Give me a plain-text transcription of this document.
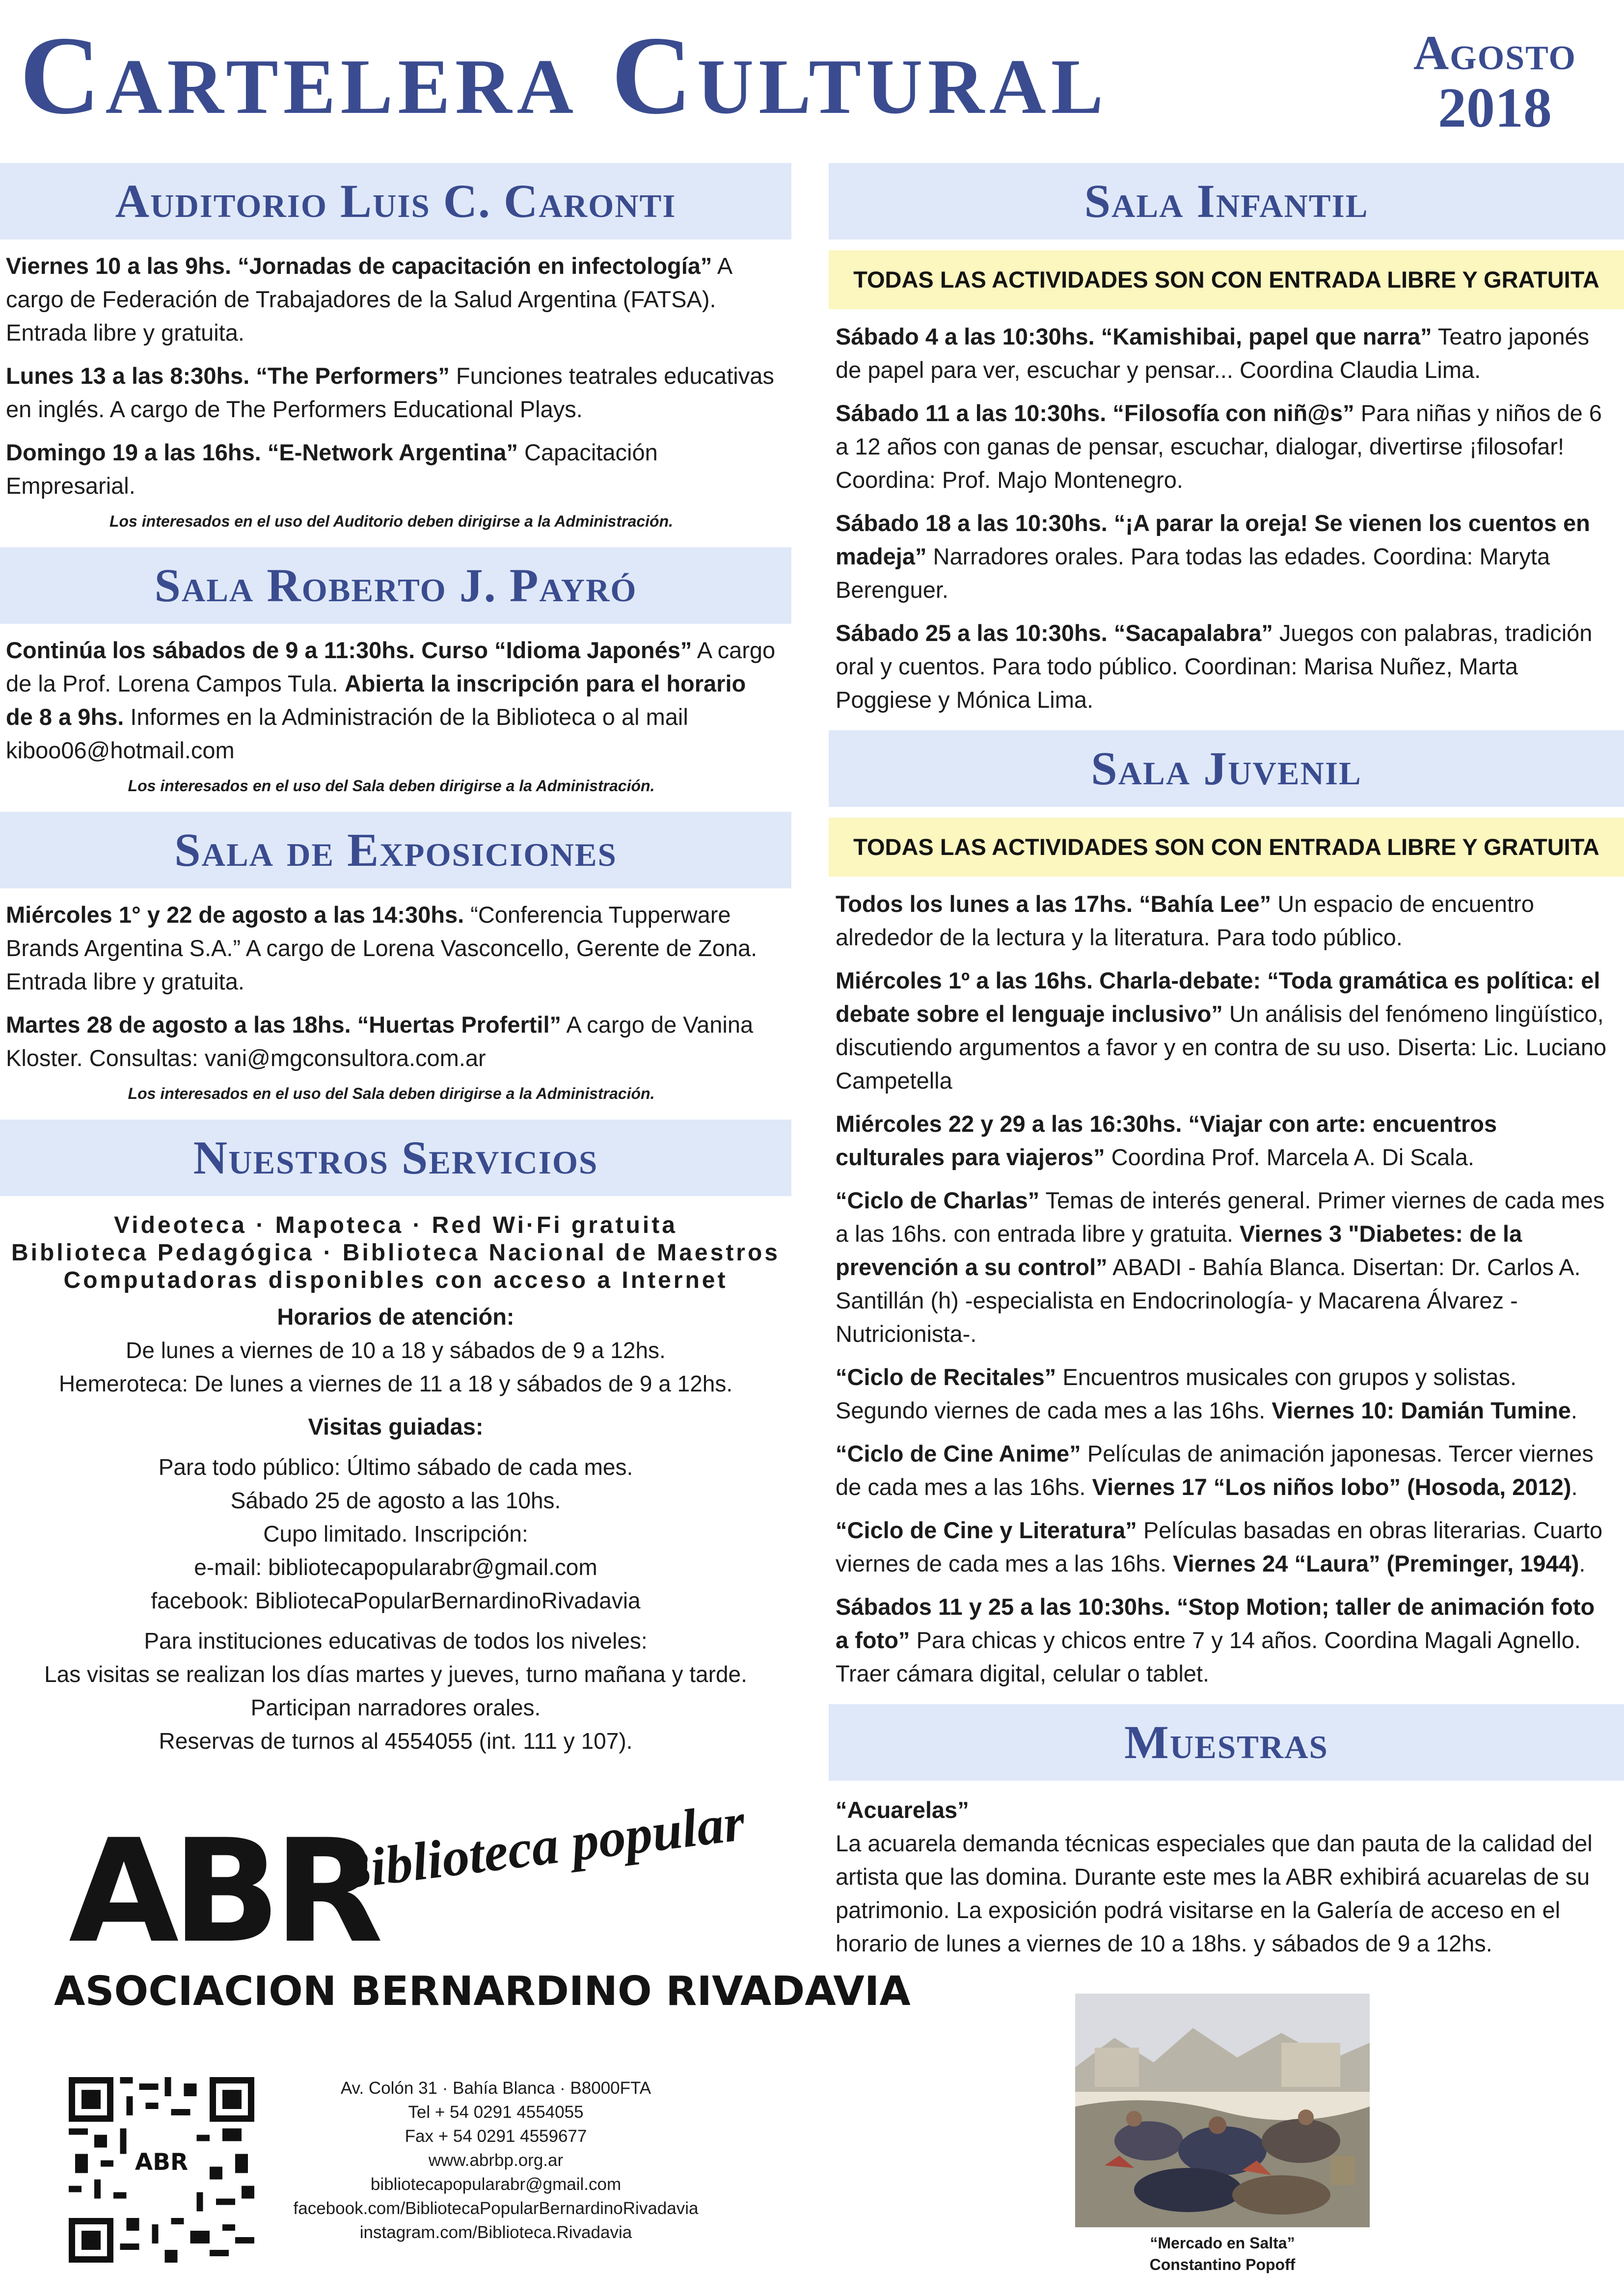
Cartelera Cultural	Agosto
2018
Auditorio Luis C. Caronti

Viernes 10 a las 9hs. “Jornadas de capacitación en infectología” A cargo de Federación de Trabajadores de la Salud Argentina (FATSA). Entrada libre y gratuita.

Lunes 13 a las 8:30hs. “The Performers” Funciones teatrales educativas en inglés. A cargo de The Performers Educational Plays.

Domingo 19 a las 16hs. “E-Network Argentina” Capacitación Empresarial.

Los interesados en el uso del Auditorio deben dirigirse a la Administración.
Sala Roberto J. Payró

Continúa los sábados de 9 a 11:30hs. Curso “Idioma Japonés” A cargo de la Prof. Lorena Campos Tula. Abierta la inscripción para el horario de 8 a 9hs. Informes en la Administración de la Biblioteca o al mail kiboo06@hotmail.com

Los interesados en el uso del Sala deben dirigirse a la Administración.
Sala de Exposiciones

Miércoles 1° y 22 de agosto a las 14:30hs. “Conferencia Tupperware Brands Argentina S.A.” A cargo de Lorena Vasconcello, Gerente de Zona. Entrada libre y gratuita.

Martes 28 de agosto a las 18hs. “Huertas Profertil” A cargo de Vanina Kloster. Consultas: vani@mgconsultora.com.ar

Los interesados en el uso del Sala deben dirigirse a la Administración.
Nuestros Servicios
Videoteca · Mapoteca · Red Wi·Fi gratuita
Biblioteca Pedagógica · Biblioteca Nacional de Maestros
Computadoras disponibles con acceso a Internet
Horarios de atención:
De lunes a viernes de 10 a 18 y sábados de 9 a 12hs.
Hemeroteca: De lunes a viernes de 11 a 18 y sábados de 9 a 12hs.
Visitas guiadas:
Para todo público: Último sábado de cada mes.
Sábado 25 de agosto a las 10hs.
Cupo limitado. Inscripción:
e-mail: bibliotecapopularabr@gmail.com
facebook: BibliotecaPopularBernardinoRivadavia
Para instituciones educativas de todos los niveles:
Las visitas se realizan los días martes y jueves, turno mañana y tarde.
Participan narradores orales.
Reservas de turnos al 4554055 (int. 111 y 107).
ABR
Biblioteca popular
ASOCIACION BERNARDINO RIVADAVIA
ABR
Av. Colón 31 · Bahía Blanca · B8000FTA
Tel + 54 0291 4554055
Fax + 54 0291 4559677
www.abrbp.org.ar
bibliotecapopularabr@gmail.com
facebook.com/BibliotecaPopularBernardinoRivadavia
instagram.com/Biblioteca.Rivadavia
Sala Infantil
TODAS LAS ACTIVIDADES SON CON ENTRADA LIBRE Y GRATUITA

Sábado 4 a las 10:30hs. “Kamishibai, papel que narra” Teatro japonés de papel para ver, escuchar y pensar... Coordina Claudia Lima.

Sábado 11 a las 10:30hs. “Filosofía con niñ@s” Para niñas y niños de 6 a 12 años con ganas de pensar, escuchar, dialogar, divertirse ¡filosofar! Coordina: Prof. Majo Montenegro.

Sábado 18 a las 10:30hs. “¡A parar la oreja! Se vienen los cuentos en madeja” Narradores orales. Para todas las edades. Coordina: Maryta Berenguer.

Sábado 25 a las 10:30hs. “Sacapalabra” Juegos con palabras, tradición oral y cuentos. Para todo público. Coordinan: Marisa Nuñez, Marta Poggiese y Mónica Lima.

Sala Juvenil
TODAS LAS ACTIVIDADES SON CON ENTRADA LIBRE Y GRATUITA

Todos los lunes a las 17hs. “Bahía Lee” Un espacio de encuentro alrededor de la lectura y la literatura. Para todo público.

Miércoles 1º a las 16hs. Charla-debate: “Toda gramática es política: el debate sobre el lenguaje inclusivo” Un análisis del fenómeno lingüístico, discutiendo argumentos a favor y en contra de su uso. Diserta: Lic. Luciano Campetella

Miércoles 22 y 29 a las 16:30hs. “Viajar con arte: encuentros culturales para viajeros” Coordina Prof. Marcela A. Di Scala.

“Ciclo de Charlas” Temas de interés general. Primer viernes de cada mes a las 16hs. con entrada libre y gratuita. Viernes 3 "Diabetes: de la prevención a su control” ABADI - Bahía Blanca. Disertan: Dr. Carlos A. Santillán (h) -especialista en Endocrinología- y Macarena Álvarez -Nutricionista-.

“Ciclo de Recitales” Encuentros musicales con grupos y solistas. Segundo viernes de cada mes a las 16hs. Viernes 10: Damián Tumine.

“Ciclo de Cine Anime” Películas de animación japonesas. Tercer viernes de cada mes a las 16hs. Viernes 17 “Los niños lobo” (Hosoda, 2012).

“Ciclo de Cine y Literatura” Películas basadas en obras literarias. Cuarto viernes de cada mes a las 16hs. Viernes 24 “Laura” (Preminger, 1944).

Sábados 11 y 25 a las 10:30hs. “Stop Motion; taller de animación foto a foto” Para chicas y chicos entre 7 y 14 años. Coordina Magali Agnello. Traer cámara digital, celular o tablet.

Muestras

“Acuarelas”

La acuarela demanda técnicas especiales que dan pauta de la calidad del artista que las domina. Durante este mes la ABR exhibirá acuarelas de su patrimonio. La exposición podrá visitarse en la Galería de acceso en el horario de lunes a viernes de 10 a 18hs. y sábados de 9 a 12hs.

“Mercado en Salta”
Constantino Popoff
